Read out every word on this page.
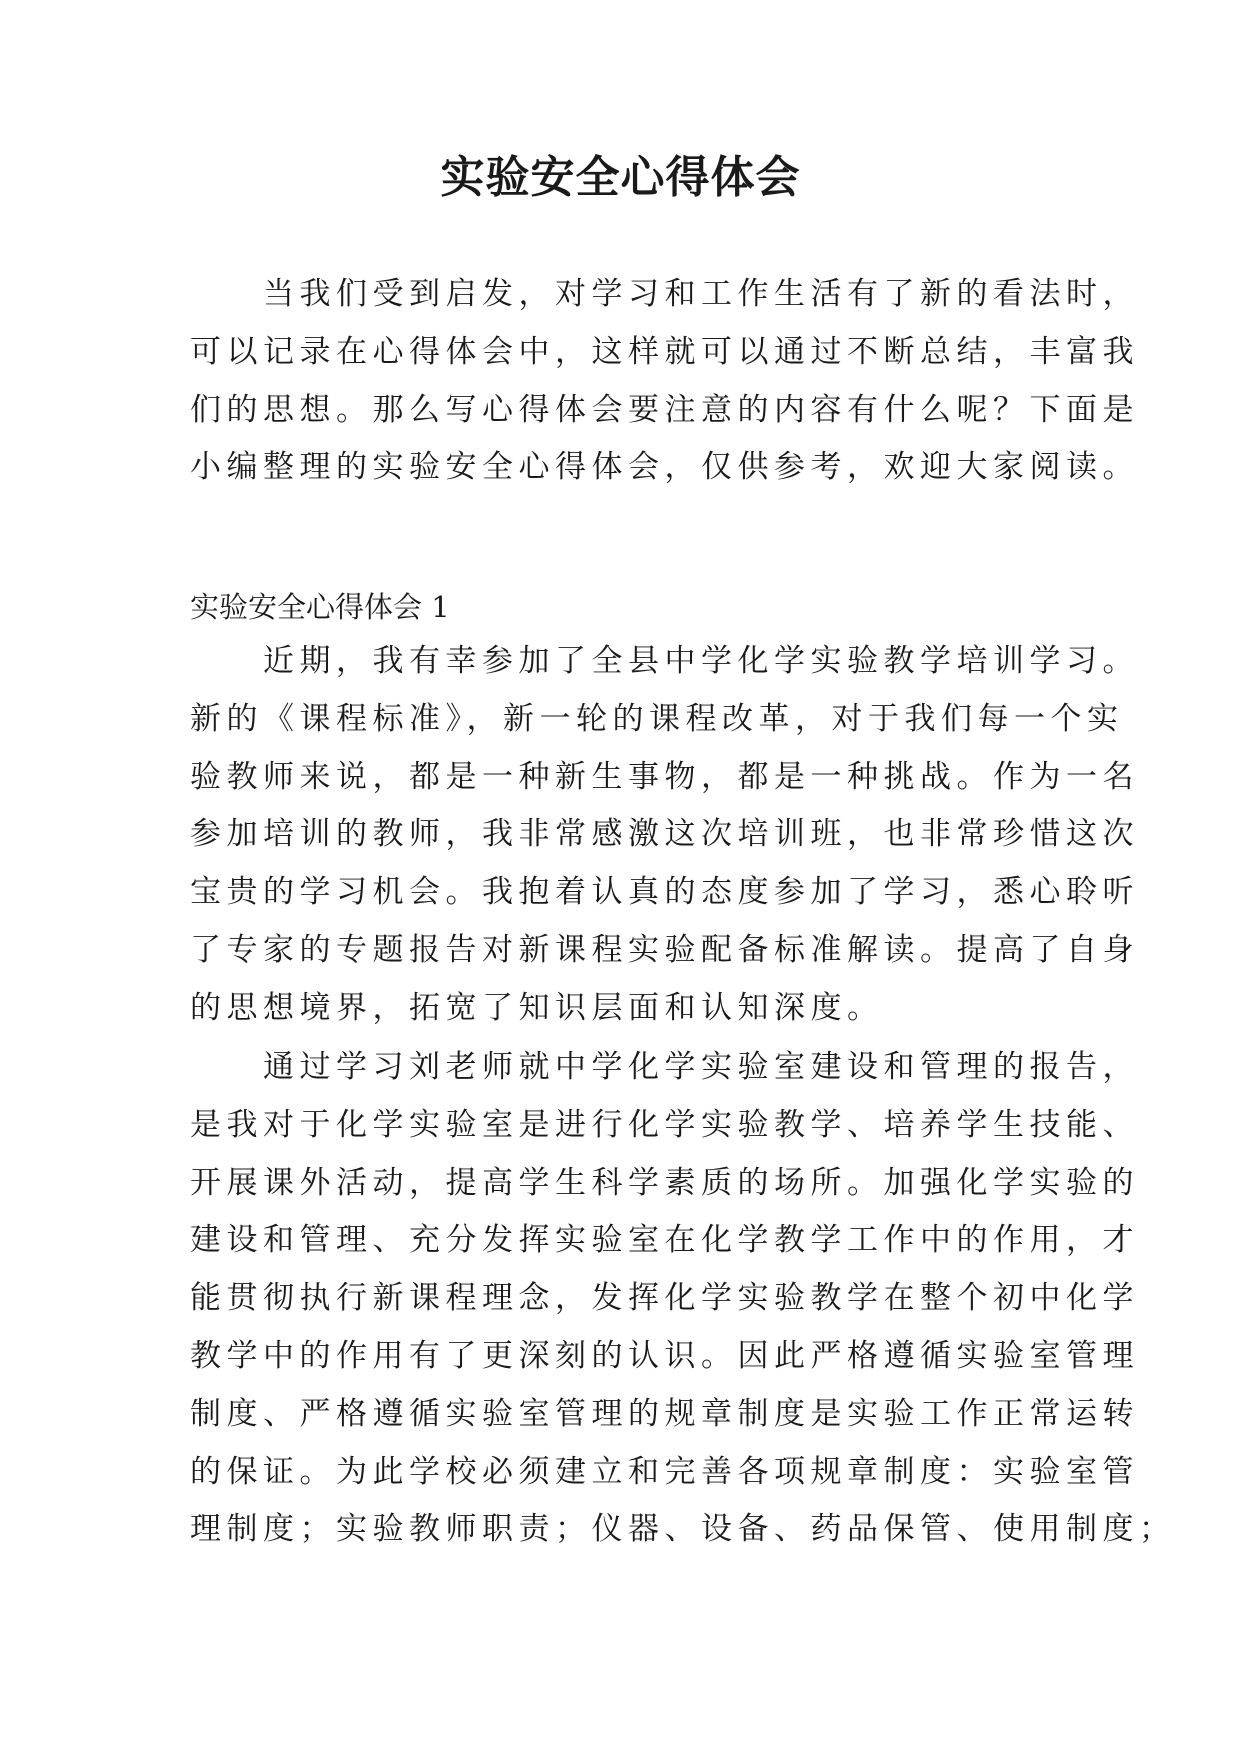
实验安全心得体会
　　当我们受到启发，对学习和工作生活有了新的看法时，
可以记录在心得体会中，这样就可以通过不断总结，丰富我
们的思想。那么写心得体会要注意的内容有什么呢？下面是
小编整理的实验安全心得体会，仅供参考，欢迎大家阅读。
实验安全心得体会 1
　　近期，我有幸参加了全县中学化学实验教学培训学习。
新的《课程标准》，新一轮的课程改革，对于我们每一个实
验教师来说，都是一种新生事物，都是一种挑战。作为一名
参加培训的教师，我非常感激这次培训班，也非常珍惜这次
宝贵的学习机会。我抱着认真的态度参加了学习，悉心聆听
了专家的专题报告对新课程实验配备标准解读。提高了自身
的思想境界，拓宽了知识层面和认知深度。
　　通过学习刘老师就中学化学实验室建设和管理的报告，
是我对于化学实验室是进行化学实验教学、培养学生技能、
开展课外活动，提高学生科学素质的场所。加强化学实验的
建设和管理、充分发挥实验室在化学教学工作中的作用，才
能贯彻执行新课程理念，发挥化学实验教学在整个初中化学
教学中的作用有了更深刻的认识。因此严格遵循实验室管理
制度、严格遵循实验室管理的规章制度是实验工作正常运转
的保证。为此学校必须建立和完善各项规章制度：实验室管
理制度；实验教师职责；仪器、设备、药品保管、使用制度；
